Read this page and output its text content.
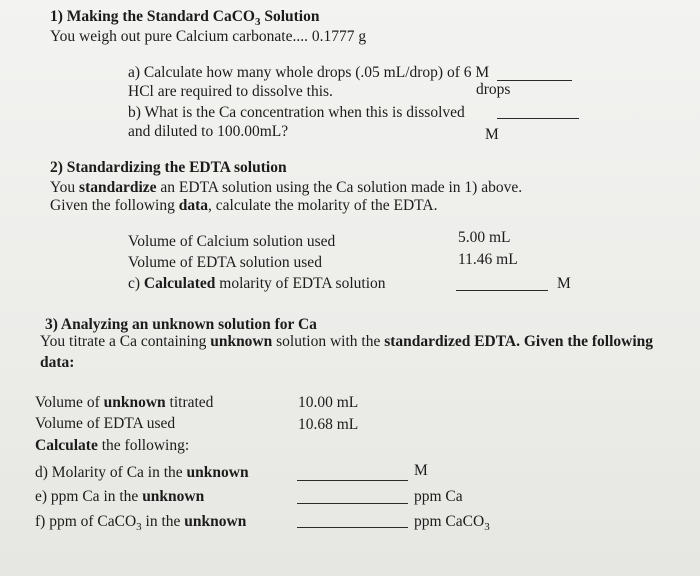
1) Making the Standard CaCO$_3$ Solution
You weigh out pure Calcium carbonate.... 0.1777 g
a) Calculate how many whole drops (.05 mL/drop) of 6 M
HCl are required to dissolve this.	drops
b) What is the Ca concentration when this is dissolved
and diluted to 100.00mL?	M
2) Standardizing the EDTA solution
You standardize an EDTA solution using the Ca solution made in 1) above.
Given the following data, calculate the molarity of the EDTA.
Volume of Calcium solution used	5.00 mL
Volume of EDTA solution used	11.46 mL
c) Calculated molarity of EDTA solution	M
3) Analyzing an unknown solution for Ca
You titrate a Ca containing unknown solution with the standardized EDTA. Given the following
data:
Volume of unknown titrated	10.00 mL
Volume of EDTA used	10.68 mL
Calculate the following:
d) Molarity of Ca in the unknown	M
e) ppm Ca in the unknown	ppm Ca
f) ppm of CaCO$_3$ in the unknown	ppm CaCO$_3$
